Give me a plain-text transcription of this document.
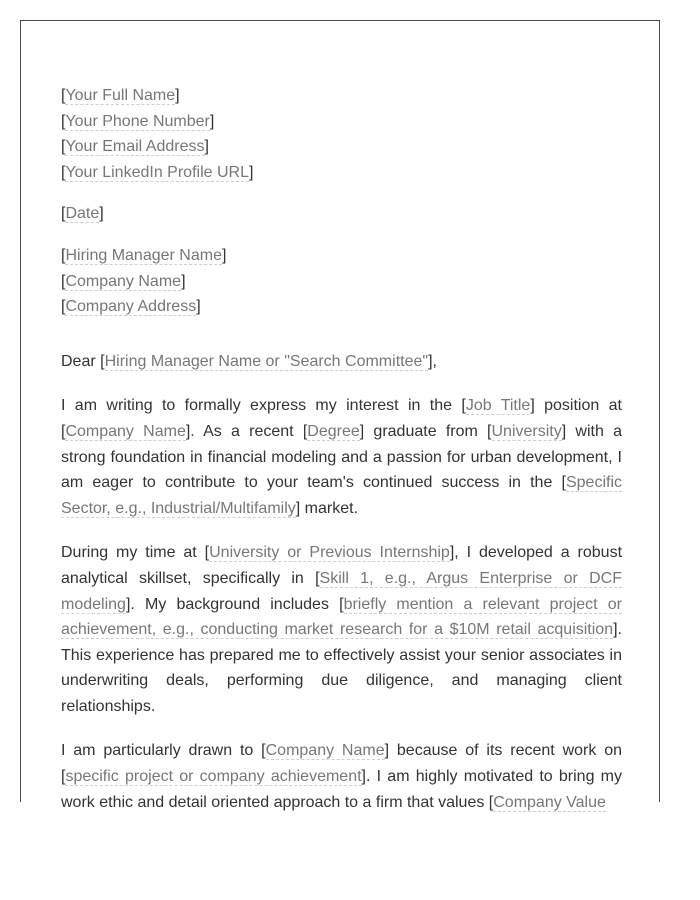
[Your Full Name]
[Your Phone Number]
[Your Email Address]
[Your LinkedIn Profile URL]
[Date]
[Hiring Manager Name]
[Company Name]
[Company Address]
Dear [Hiring Manager Name or "Search Committee"],

I am writing to formally express my interest in the [Job Title] position at [Company Name]. As a recent [Degree] graduate from [University] with a strong foundation in financial modeling and a passion for urban development, I am eager to contribute to your team's continued success in the [Specific Sector, e.g., Industrial/Multifamily] market.

During my time at [University or Previous Internship], I developed a robust analytical skillset, specifically in [Skill 1, e.g., Argus Enterprise or DCF modeling]. My background includes [briefly mention a relevant project or achievement, e.g., conducting market research for a $10M retail acquisition]. This experience has prepared me to effectively assist your senior associates in underwriting deals, performing due diligence, and managing client relationships.

I am particularly drawn to [Company Name] because of its recent work on [specific project or company achievement]. I am highly motivated to bring my work ethic and detail oriented approach to a firm that values [Company Value
